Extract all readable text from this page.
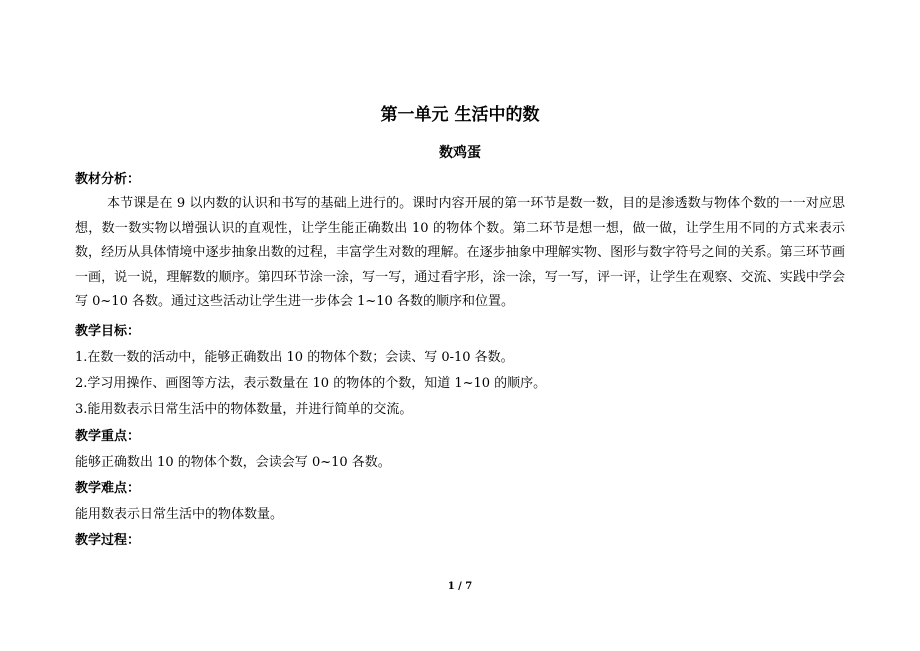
第一单元 生活中的数
数鸡蛋
教材分析：
本节课是在 9 以内数的认识和书写的基础上进行的。课时内容开展的第一环节是数一数，目的是渗透数与物体个数的一一对应思想，数一数实物以增强认识的直观性，让学生能正确数出 10 的物体个数。第二环节是想一想，做一做，让学生用不同的方式来表示数，经历从具体情境中逐步抽象出数的过程，丰富学生对数的理解。在逐步抽象中理解实物、图形与数字符号之间的关系。第三环节画一画，说一说，理解数的顺序。第四环节涂一涂，写一写，通过看字形，涂一涂，写一写，评一评，让学生在观察、交流、实践中学会写 0~10 各数。通过这些活动让学生进一步体会 1~10 各数的顺序和位置。
教学目标：
1.在数一数的活动中，能够正确数出 10 的物体个数；会读、写 0-10 各数。
2.学习用操作、画图等方法，表示数量在 10 的物体的个数，知道 1~10 的顺序。
3.能用数表示日常生活中的物体数量，并进行简单的交流。
教学重点：
能够正确数出 10 的物体个数，会读会写 0~10 各数。
教学难点：
能用数表示日常生活中的物体数量。
教学过程：
1 / 7
